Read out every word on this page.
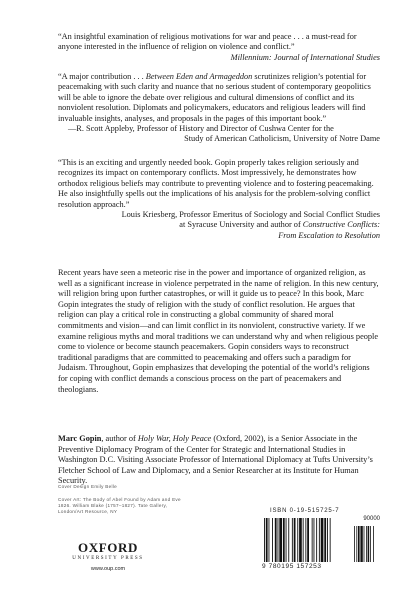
“An insightful examination of religious motivations for war and peace . . . a must-read for anyone interested in the influence of religion on violence and conflict.”

Millennium: Journal of International Studies

“A major contribution . . . Between Eden and Armageddon scrutinizes religion’s potential for peacemaking with such clarity and nuance that no serious student of contemporary geopolitics will be able to ignore the debate over religious and cultural dimensions of conflict and its nonviolent resolution. Diplomats and policymakers, educators and religious leaders will find invaluable insights, analyses, and proposals in the pages of this important book.”

—R. Scott Appleby, Professor of History and Director of Cushwa Center for the

Study of American Catholicism, University of Notre Dame

“This is an exciting and urgently needed book. Gopin properly takes religion seriously and recognizes its impact on contemporary conflicts. Most impressively, he demonstrates how orthodox religious beliefs may contribute to preventing violence and to fostering peacemaking. He also insightfully spells out the implications of his analysis for the problem-solving conflict resolution approach.”

Louis Kriesberg, Professor Emeritus of Sociology and Social Conflict Studies

at Syracuse University and author of Constructive Conflicts:

From Escalation to Resolution

Recent years have seen a meteoric rise in the power and importance of organized religion, as well as a significant increase in violence perpetrated in the name of religion. In this new century, will religion bring upon further catastrophes, or will it guide us to peace? In this book, Marc Gopin integrates the study of religion with the study of conflict resolution. He argues that religion can play a critical role in constructing a global community of shared moral commitments and vision—and can limit conflict in its nonviolent, constructive variety. If we examine religious myths and moral traditions we can understand why and when religious people come to violence or become staunch peacemakers. Gopin considers ways to reconstruct traditional paradigms that are committed to peacemaking and offers such a paradigm for Judaism. Throughout, Gopin emphasizes that developing the potential of the world’s religions for coping with conflict demands a conscious process on the part of peacemakers and theologians.

Marc Gopin, author of Holy War, Holy Peace (Oxford, 2002), is a Senior Associate in the Preventive Diplomacy Program of the Center for Strategic and International Studies in Washington D.C. Visiting Associate Professor of International Diplomacy at Tufts University’s Fletcher School of Law and Diplomacy, and a Senior Researcher at its Institute for Human Security.

Cover Design Emily Belle
Cover Art: The Body of Abel Found by Adam and Eve
1826. William Blake (1757–1827). Tate Gallery,
London/Art Resource, NY
OXFORD
UNIVERSITY PRESS
www.oup.com
ISBN 0-19-515725-7
90000
9 780195 157253
